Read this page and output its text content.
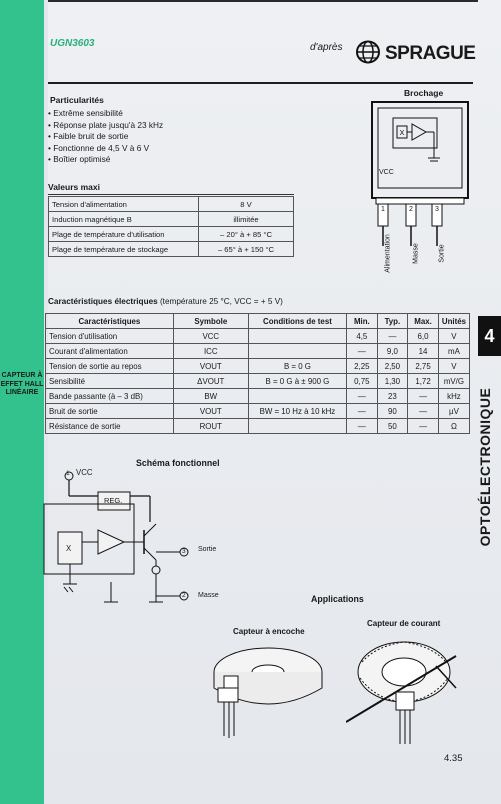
UGN3603	d'après SPRAGUE
Particularités
• Extrême sensibilité
• Réponse plate jusqu'à 23 kHz
• Faible bruit de sortie
• Fonctionne de 4,5 V à 6 V
• Boîtier optimisé
Brochage
X
VCC
1	2	3
Alimentation	Masse	Sortie
Valeurs maxi
Tension d'alimentation	8 V
Induction magnétique B	illimitée
Plage de température d'utilisation	– 20° à + 85 °C
Plage de température de stockage	– 65° à + 150 °C
Caractéristiques électriques (température 25 °C, VCC = + 5 V)
Caractéristiques	Symbole	Conditions de test	Min.	Typ.	Max.	Unités
Tension d'utilisation	VCC		4,5	—	6,0	V
Courant d'alimentation	ICC		—	9,0	14	mA
Tension de sortie au repos	VOUT	B = 0 G	2,25	2,50	2,75	V
Sensibilité	ΔVOUT	B = 0 G à ± 900 G	0,75	1,30	1,72	mV/G
Bande passante (à – 3 dB)	BW		—	23	—	kHz
Bruit de sortie	VOUT	BW = 10 Hz à 10 kHz	—	90	—	µV
Résistance de sortie	ROUT		—	50	—	Ω
4
OPTOÉLECTRONIQUE
CAPTEUR À EFFET HALL LINÉAIRE
Schéma fonctionnel
1 VCC
REG.
X	3 Sortie
2 Masse	Applications
Capteur à encoche
Capteur de courant
4.35
